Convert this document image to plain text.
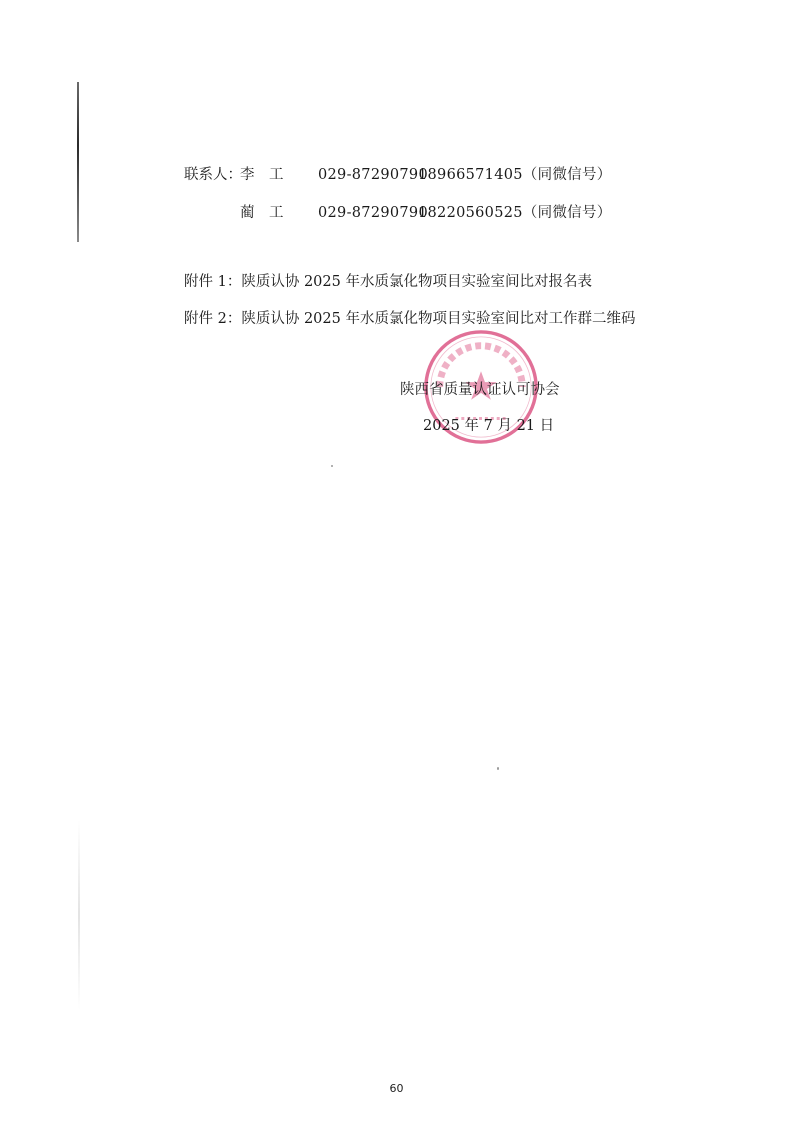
联系人：
李　工 029-87290790
18966571405（同微信号）
蔺　工 029-87290790
18220560525（同微信号）
附件 1：陕质认协 2025 年水质氯化物项目实验室间比对报名表
附件 2：陕质认协 2025 年水质氯化物项目实验室间比对工作群二维码
陕西省质量认证认可协会
2025 年 7 月 21 日
60
